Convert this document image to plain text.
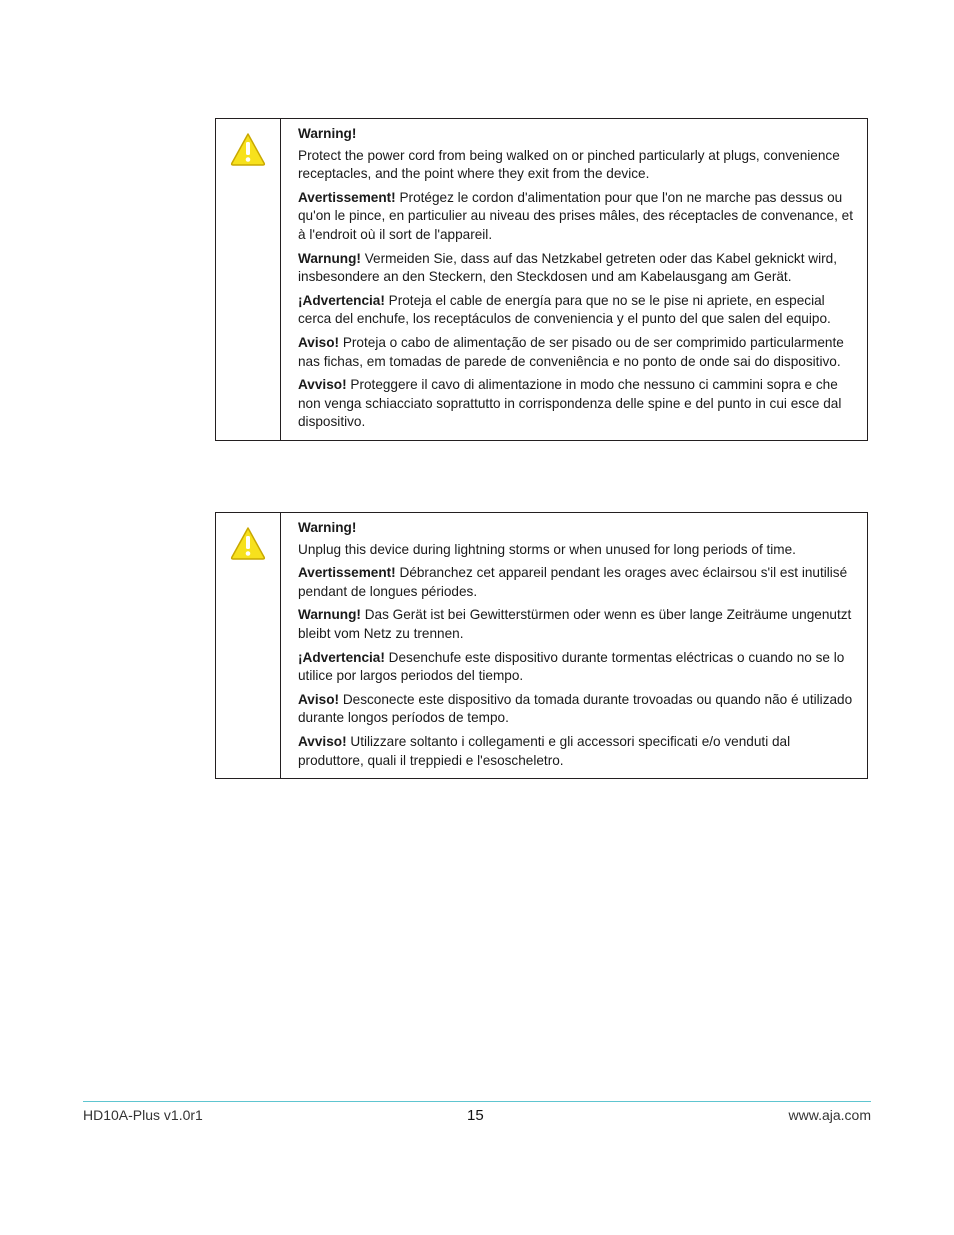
Warning!
Protect the power cord from being walked on or pinched particularly at plugs, convenience receptacles, and the point where they exit from the device.

Avertissement! Protégez le cordon d'alimentation pour que l'on ne marche pas dessus ou qu'on le pince, en particulier au niveau des prises mâles, des réceptacles de convenance, et à l'endroit où il sort de l'appareil.

Warnung! Vermeiden Sie, dass auf das Netzkabel getreten oder das Kabel geknickt wird, insbesondere an den Steckern, den Steckdosen und am Kabelausgang am Gerät.

¡Advertencia! Proteja el cable de energía para que no se le pise ni apriete, en especial cerca del enchufe, los receptáculos de conveniencia y el punto del que salen del equipo.

Aviso! Proteja o cabo de alimentação de ser pisado ou de ser comprimido particularmente nas fichas, em tomadas de parede de conveniência e no ponto de onde sai do dispositivo.

Avviso! Proteggere il cavo di alimentazione in modo che nessuno ci cammini sopra e che non venga schiacciato soprattutto in corrispondenza delle spine e del punto in cui esce dal dispositivo.

Warning!
Unplug this device during lightning storms or when unused for long periods of time.

Avertissement! Débranchez cet appareil pendant les orages avec éclairsou s'il est inutilisé pendant de longues périodes.

Warnung! Das Gerät ist bei Gewitterstürmen oder wenn es über lange Zeiträume ungenutzt bleibt vom Netz zu trennen.

¡Advertencia! Desenchufe este dispositivo durante tormentas eléctricas o cuando no se lo utilice por largos periodos del tiempo.

Aviso! Desconecte este dispositivo da tomada durante trovoadas ou quando não é utilizado durante longos períodos de tempo.

Avviso! Utilizzare soltanto i collegamenti e gli accessori specificati e/o venduti dal produttore, quali il treppiedi e l'esoscheletro.

HD10A-Plus v1.0r1	15	www.aja.com
